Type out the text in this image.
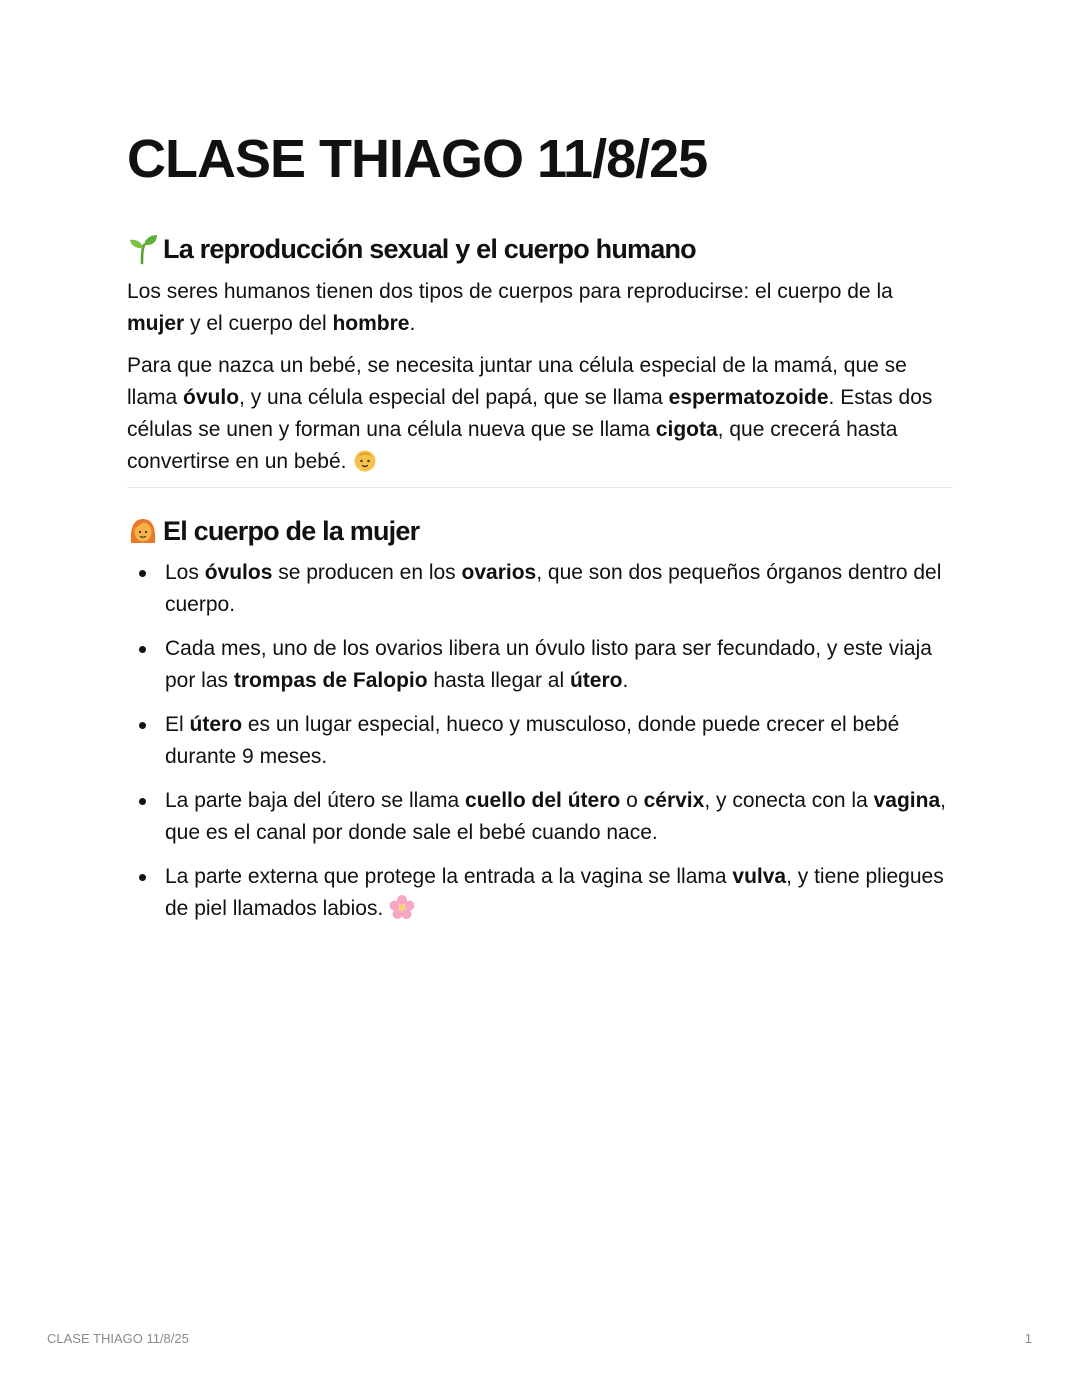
CLASE THIAGO 11/8/25
La reproducción sexual y el cuerpo humano

Los seres humanos tienen dos tipos de cuerpos para reproducirse: el cuerpo de la mujer y el cuerpo del hombre.

Para que nazca un bebé, se necesita juntar una célula especial de la mamá, que se llama óvulo, y una célula especial del papá, que se llama espermatozoide. Estas dos células se unen y forman una célula nueva que se llama cigota, que crecerá hasta convertirse en un bebé.

El cuerpo de la mujer
Los óvulos se producen en los ovarios, que son dos pequeños órganos dentro del cuerpo.
Cada mes, uno de los ovarios libera un óvulo listo para ser fecundado, y este viaja por las trompas de Falopio hasta llegar al útero.
El útero es un lugar especial, hueco y musculoso, donde puede crecer el bebé durante 9 meses.
La parte baja del útero se llama cuello del útero o cérvix, y conecta con la vagina, que es el canal por donde sale el bebé cuando nace.
La parte externa que protege la entrada a la vagina se llama vulva, y tiene pliegues de piel llamados labios.
CLASE THIAGO 11/8/25	1
